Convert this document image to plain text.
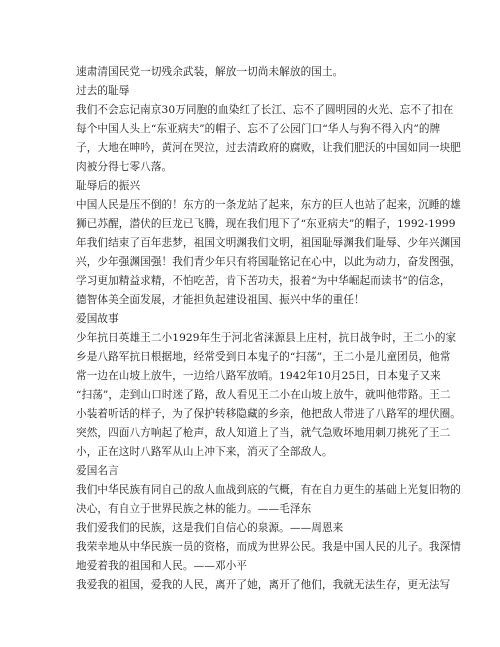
速肃清国民党一切残余武装，解放一切尚未解放的国土。
过去的耻辱
我们不会忘记南京30万同胞的血染红了长江、忘不了圆明园的火光、忘不了扣在
每个中国人头上“东亚病夫”的帽子、忘不了公园门口“华人与狗不得入内”的牌
子，大地在呻吟，黄河在哭泣，过去清政府的腐败，让我们肥沃的中国如同一块肥
肉被分得七零八落。
耻辱后的振兴
中国人民是压不倒的！东方的一条龙站了起来，东方的巨人也站了起来，沉睡的雄
狮已苏醒，潜伏的巨龙已飞腾，现在我们甩下了“东亚病夫”的帽子，1992-1999
年我们结束了百年悲梦，祖国文明渊我们文明，祖国耻辱渊我们耻辱、少年兴渊国
兴，少年强渊国强！我们青少年只有将国耻铭记在心中，以此为动力，奋发图强，
学习更加精益求精，不怕吃苦，肯下苦功夫，报着“为中华崛起而读书”的信念，
德智体美全面发展，才能担负起建设祖国、振兴中华的重任！
爱国故事
少年抗日英雄王二小1929年生于河北省涞源县上庄村，抗日战争时，王二小的家
乡是八路军抗日根据地，经常受到日本鬼子的“扫荡”，王二小是儿童团员，他常
常一边在山坡上放牛，一边给八路军放哨。1942年10月25日，日本鬼子又来
“扫荡”，走到山口时迷了路，敌人看见王二小在山坡上放牛，就叫他带路。王二
小装着听话的样子，为了保护转移隐藏的乡亲，他把敌人带进了八路军的埋伏圈。
突然，四面八方响起了枪声，敌人知道上了当，就气急败坏地用刺刀挑死了王二
小，正在这时八路军从山上冲下来，消灭了全部敌人。
爱国名言
我们中华民族有同自己的敌人血战到底的气概，有在自力更生的基础上光复旧物的
决心，有自立于世界民族之林的能力。——毛泽东
我们爱我们的民族，这是我们自信心的泉源。——周恩来
我荣幸地从中华民族一员的资格，而成为世界公民。我是中国人民的儿子。我深情
地爱着我的祖国和人民。——邓小平
我爱我的祖国，爱我的人民，离开了她，离开了他们，我就无法生存，更无法写
